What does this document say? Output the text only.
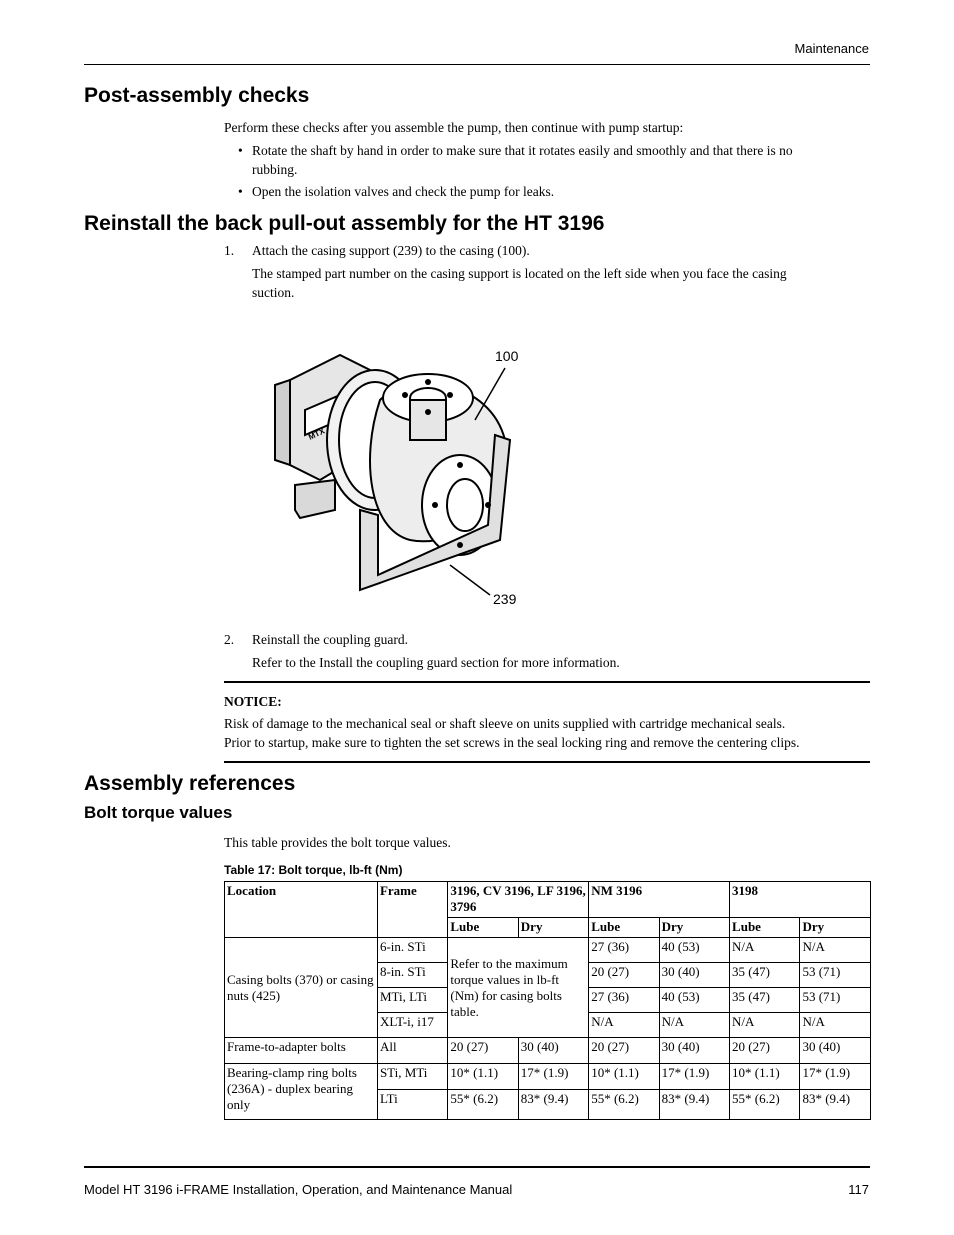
Maintenance
Post-assembly checks
Perform these checks after you assemble the pump, then continue with pump startup:
• Rotate the shaft by hand in order to make sure that it rotates easily and smoothly and that there is no
rubbing.
• Open the isolation valves and check the pump for leaks.
Reinstall the back pull-out assembly for the HT 3196
1. Attach the casing support (239) to the casing (100).
The stamped part number on the casing support is located on the left side when you face the casing
suction.
MTX
100
239
2. Reinstall the coupling guard.
Refer to the Install the coupling guard section for more information.
NOTICE:
Risk of damage to the mechanical seal or shaft sleeve on units supplied with cartridge mechanical seals.
Prior to startup, make sure to tighten the set screws in the seal locking ring and remove the centering clips.
Assembly references
Bolt torque values
This table provides the bolt torque values.
Table 17: Bolt torque, lb-ft (Nm)
Location	Frame	3196, CV 3196, LF 3196, 3796		NM 3196		3198	
		Lube	Dry	Lube	Dry	Lube	Dry
Casing bolts (370) or casing nuts (425)	6-in. STi	Refer to the maximum torque values in lb-ft (Nm) for casing bolts table.		27 (36)	40 (53)	N/A	N/A
	8-in. STi			20 (27)	30 (40)	35 (47)	53 (71)
	MTi, LTi			27 (36)	40 (53)	35 (47)	53 (71)
	XLT-i, i17			N/A	N/A	N/A	N/A
Frame-to-adapter bolts	All	20 (27)	30 (40)	20 (27)	30 (40)	20 (27)	30 (40)
Bearing-clamp ring bolts (236A) - duplex bearing only	STi, MTi	10* (1.1)	17* (1.9)	10* (1.1)	17* (1.9)	10* (1.1)	17* (1.9)
	LTi	55* (6.2)	83* (9.4)	55* (6.2)	83* (9.4)	55* (6.2)	83* (9.4)
Model HT 3196 i-FRAME Installation, Operation, and Maintenance Manual	117
